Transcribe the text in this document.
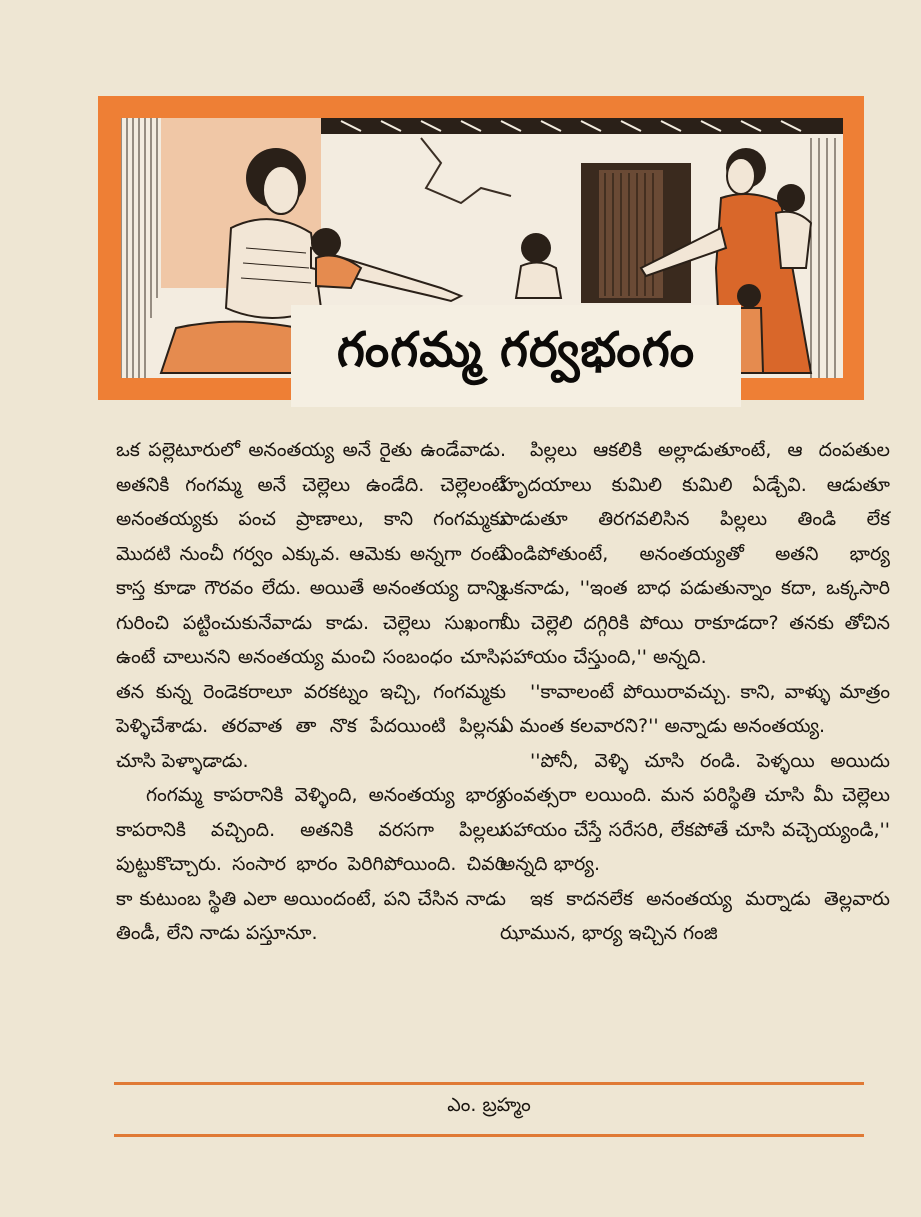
గంగమ్మ గర్వభంగం

ఒక పల్లెటూరులో అనంతయ్య అనే రైతు ఉండేవాడు. అతనికి గంగమ్మ అనే చెల్లెలు ఉండేది. చెల్లెలంటే అనంతయ్యకు పంచ ప్రాణాలు, కాని గంగమ్మకు మొదటి నుంచీ గర్వం ఎక్కువ. ఆమెకు అన్నగా రంటే కాస్త కూడా గౌరవం లేదు. అయితే అనంతయ్య దాన్ని గురించి పట్టించుకునేవాడు కాడు. చెల్లెలు సుఖంగా ఉంటే చాలునని అనంతయ్య మంచి సంబంధం చూసి, తన కున్న రెండెకరాలూ వరకట్నం ఇచ్చి, గంగమ్మకు పెళ్ళిచేశాడు. తరవాత తా నొక పేదయింటి పిల్లను చూసి పెళ్ళాడాడు.

గంగమ్మ కాపరానికి వెళ్ళింది, అనంతయ్య భార్య కాపరానికి వచ్చింది. అతనికి వరసగా పిల్లలు పుట్టుకొచ్చారు. సంసార భారం పెరిగిపోయింది. చివరి కా కుటుంబ స్థితి ఎలా అయిందంటే, పని చేసిన నాడు తిండీ, లేని నాడు పస్తూనూ.

పిల్లలు ఆకలికి అల్లాడుతూంటే, ఆ దంపతుల హృదయాలు కుమిలి కుమిలి ఏడ్చేవి. ఆడుతూ పాడుతూ తిరగవలిసిన పిల్లలు తిండి లేక ఎండిపోతుంటే, అనంతయ్యతో అతని భార్య ఒకనాడు, ''ఇంత బాధ పడుతున్నాం కదా, ఒక్కసారి మీ చెల్లెలి దగ్గిరికి పోయి రాకూడదా? తనకు తోచిన సహాయం చేస్తుంది,'' అన్నది.

''కావాలంటే పోయిరావచ్చు. కాని, వాళ్ళు మాత్రం ఏ మంత కలవారని?'' అన్నాడు అనంతయ్య.

''పోనీ, వెళ్ళి చూసి రండి. పెళ్ళయి అయిదు సంవత్సరా లయింది. మన పరిస్థితి చూసి మీ చెల్లెలు సహాయం చేస్తే సరేసరి, లేకపోతే చూసి వచ్చెయ్యండి,'' అన్నది భార్య.

ఇక కాదనలేక అనంతయ్య మర్నాడు తెల్లవారు ఝామున, భార్య ఇచ్చిన గంజి

ఎం. బ్రహ్మం
